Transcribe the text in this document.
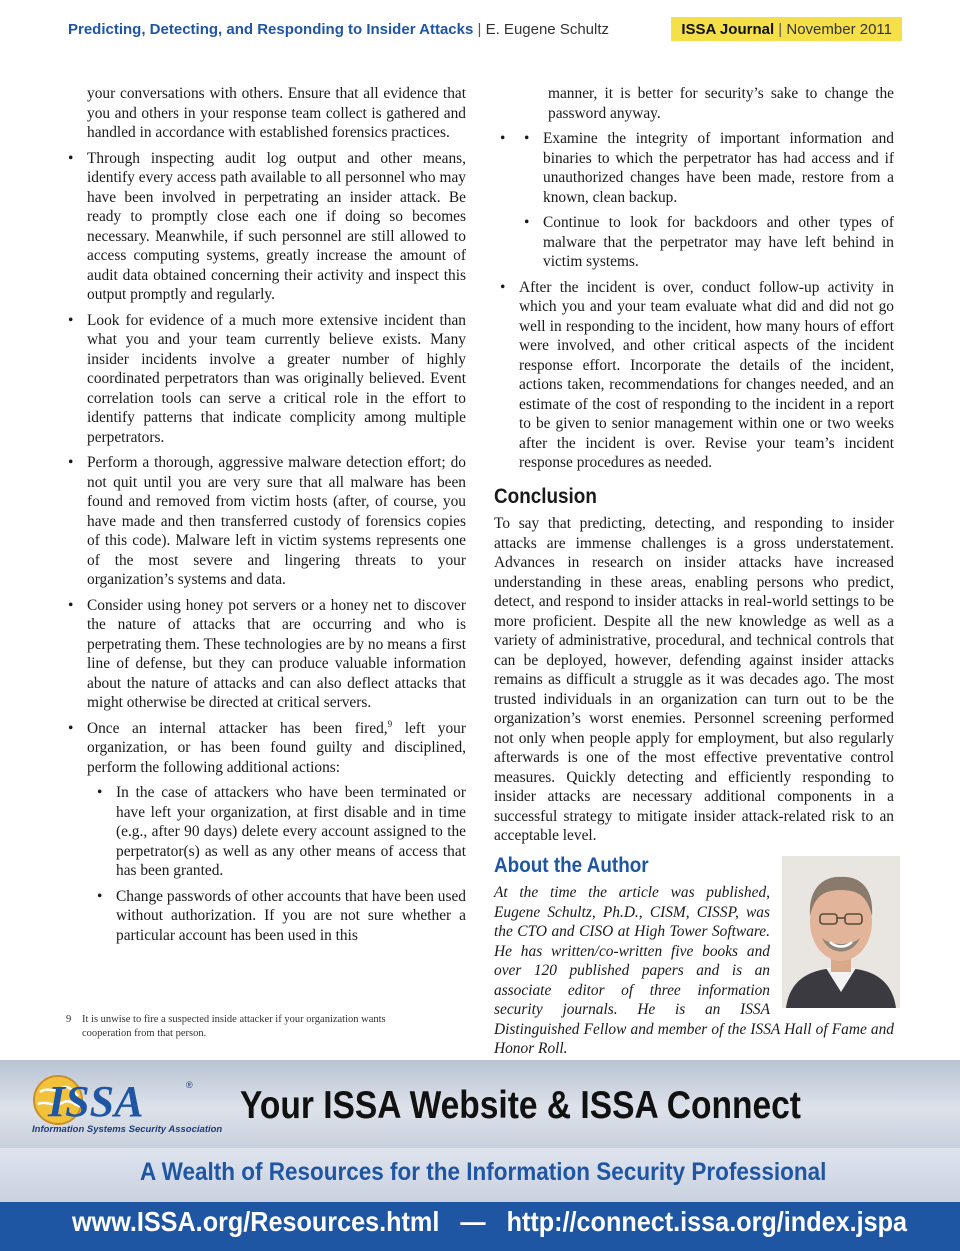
Predicting, Detecting, and Responding to Insider Attacks | E. Eugene Schultz	ISSA Journal | November 2011

your conversations with others. Ensure that all evidence that you and others in your response team collect is gathered and handled in accordance with established forensics practices.

• Through inspecting audit log output and other means, identify every access path available to all personnel who may have been involved in perpetrating an insider attack. Be ready to promptly close each one if doing so becomes necessary. Meanwhile, if such personnel are still allowed to access computing systems, greatly increase the amount of audit data obtained concerning their activity and inspect this output promptly and regularly.
• Look for evidence of a much more extensive incident than what you and your team currently believe exists. Many insider incidents involve a greater number of highly coordinated perpetrators than was originally believed. Event correlation tools can serve a critical role in the effort to identify patterns that indicate complicity among multiple perpetrators.
• Perform a thorough, aggressive malware detection effort; do not quit until you are very sure that all malware has been found and removed from victim hosts (after, of course, you have made and then transferred custody of forensics copies of this code). Malware left in victim systems represents one of the most severe and lingering threats to your organization’s systems and data.
• Consider using honey pot servers or a honey net to discover the nature of attacks that are occurring and who is perpetrating them. These technologies are by no means a first line of defense, but they can produce valuable information about the nature of attacks and can also deflect attacks that might otherwise be directed at critical servers.
• Once an internal attacker has been fired,$^9$ left your organization, or has been found guilty and disciplined, perform the following additional actions:
• In the case of attackers who have been terminated or have left your organization, at first disable and in time (e.g., after 90 days) delete every account assigned to the perpetrator(s) as well as any other means of access that has been granted.
• Change passwords of other accounts that have been used without authorization. If you are not sure whether a particular account has been used in this
9	It is unwise to fire a suspected inside attacker if your organization wants cooperation from that person.

manner, it is better for security’s sake to change the password anyway.

• • Examine the integrity of important information and binaries to which the perpetrator has had access and if unauthorized changes have been made, restore from a known, clean backup.
• Continue to look for backdoors and other types of malware that the perpetrator may have left behind in victim systems.
• After the incident is over, conduct follow-up activity in which you and your team evaluate what did and did not go well in responding to the incident, how many hours of effort were involved, and other critical aspects of the incident response effort. Incorporate the details of the incident, actions taken, recommendations for changes needed, and an estimate of the cost of responding to the incident in a report to be given to senior management within one or two weeks after the incident is over. Revise your team’s incident response procedures as needed.
Conclusion

To say that predicting, detecting, and responding to insider attacks are immense challenges is a gross understatement. Advances in research on insider attacks have increased understanding in these areas, enabling persons who predict, detect, and respond to insider attacks in real-world settings to be more proficient. Despite all the new knowledge as well as a variety of administrative, procedural, and technical controls that can be deployed, however, defending against insider attacks remains as difficult a struggle as it was decades ago. The most trusted individuals in an organization can turn out to be the organization’s worst enemies. Personnel screening performed not only when people apply for employment, but also regularly afterwards is one of the most effective preventative control measures. Quickly detecting and efficiently responding to insider attacks are necessary additional components in a successful strategy to mitigate insider attack-related risk to an acceptable level.

About the Author

At the time the article was published, Eugene Schultz, Ph.D., CISM, CISSP, was the CTO and CISO at High Tower Software. He has written/co-written five books and over 120 published papers and is an associate editor of three information security journals. He is an ISSA Distinguished Fellow and member of the ISSA Hall of Fame and Honor Roll.

ISSA	®
Information Systems Security Association
Your ISSA Website & ISSA Connect
A Wealth of Resources for the Information Security Professional
www.ISSA.org/Resources.html — http://connect.issa.org/index.jspa
